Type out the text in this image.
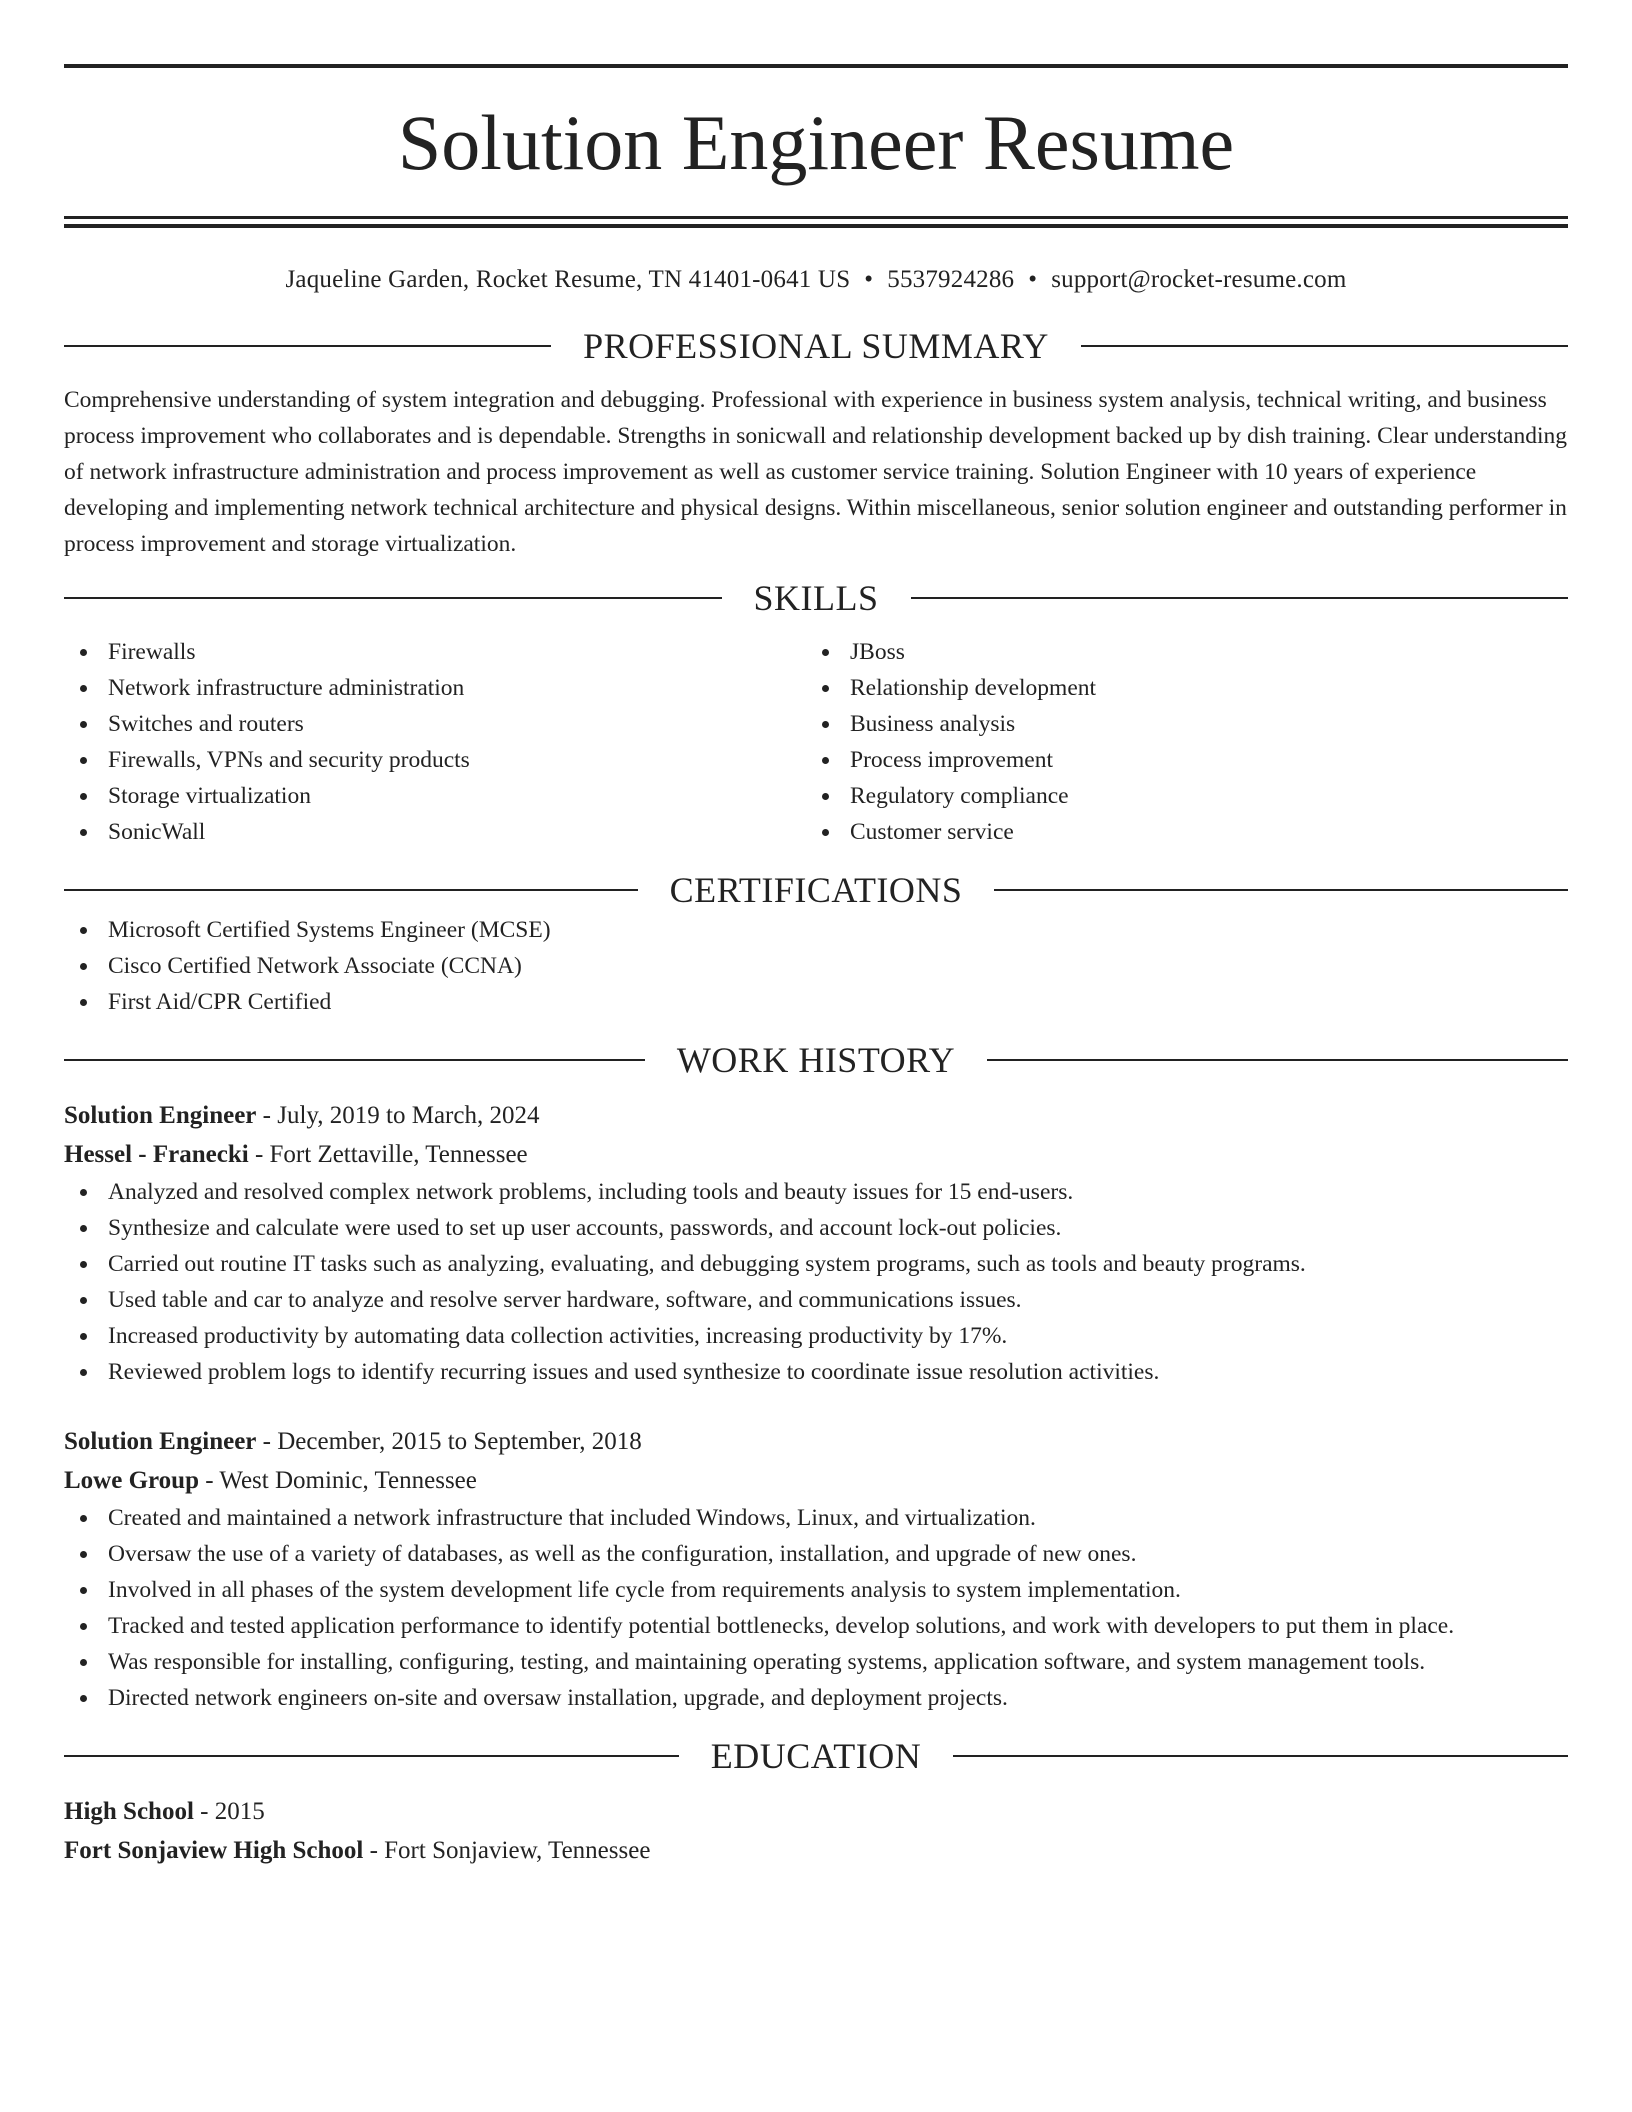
Solution Engineer Resume
Jaqueline Garden, Rocket Resume, TN 41401-0641 US • 5537924286 • support@rocket-resume.com
PROFESSIONAL SUMMARY
Comprehensive understanding of system integration and debugging. Professional with experience in business system analysis, technical writing, and business process improvement who collaborates and is dependable. Strengths in sonicwall and relationship development backed up by dish training. Clear understanding of network infrastructure administration and process improvement as well as customer service training. Solution Engineer with 10 years of experience developing and implementing network technical architecture and physical designs. Within miscellaneous, senior solution engineer and outstanding performer in process improvement and storage virtualization.
SKILLS
Firewalls
Network infrastructure administration
Switches and routers
Firewalls, VPNs and security products
Storage virtualization
SonicWall
JBoss
Relationship development
Business analysis
Process improvement
Regulatory compliance
Customer service
CERTIFICATIONS
Microsoft Certified Systems Engineer (MCSE)
Cisco Certified Network Associate (CCNA)
First Aid/CPR Certified
WORK HISTORY
Solution Engineer - July, 2019 to March, 2024
Hessel - Franecki - Fort Zettaville, Tennessee
Analyzed and resolved complex network problems, including tools and beauty issues for 15 end-users.
Synthesize and calculate were used to set up user accounts, passwords, and account lock-out policies.
Carried out routine IT tasks such as analyzing, evaluating, and debugging system programs, such as tools and beauty programs.
Used table and car to analyze and resolve server hardware, software, and communications issues.
Increased productivity by automating data collection activities, increasing productivity by 17%.
Reviewed problem logs to identify recurring issues and used synthesize to coordinate issue resolution activities.
Solution Engineer - December, 2015 to September, 2018
Lowe Group - West Dominic, Tennessee
Created and maintained a network infrastructure that included Windows, Linux, and virtualization.
Oversaw the use of a variety of databases, as well as the configuration, installation, and upgrade of new ones.
Involved in all phases of the system development life cycle from requirements analysis to system implementation.
Tracked and tested application performance to identify potential bottlenecks, develop solutions, and work with developers to put them in place.
Was responsible for installing, configuring, testing, and maintaining operating systems, application software, and system management tools.
Directed network engineers on-site and oversaw installation, upgrade, and deployment projects.
EDUCATION
High School - 2015
Fort Sonjaview High School - Fort Sonjaview, Tennessee
